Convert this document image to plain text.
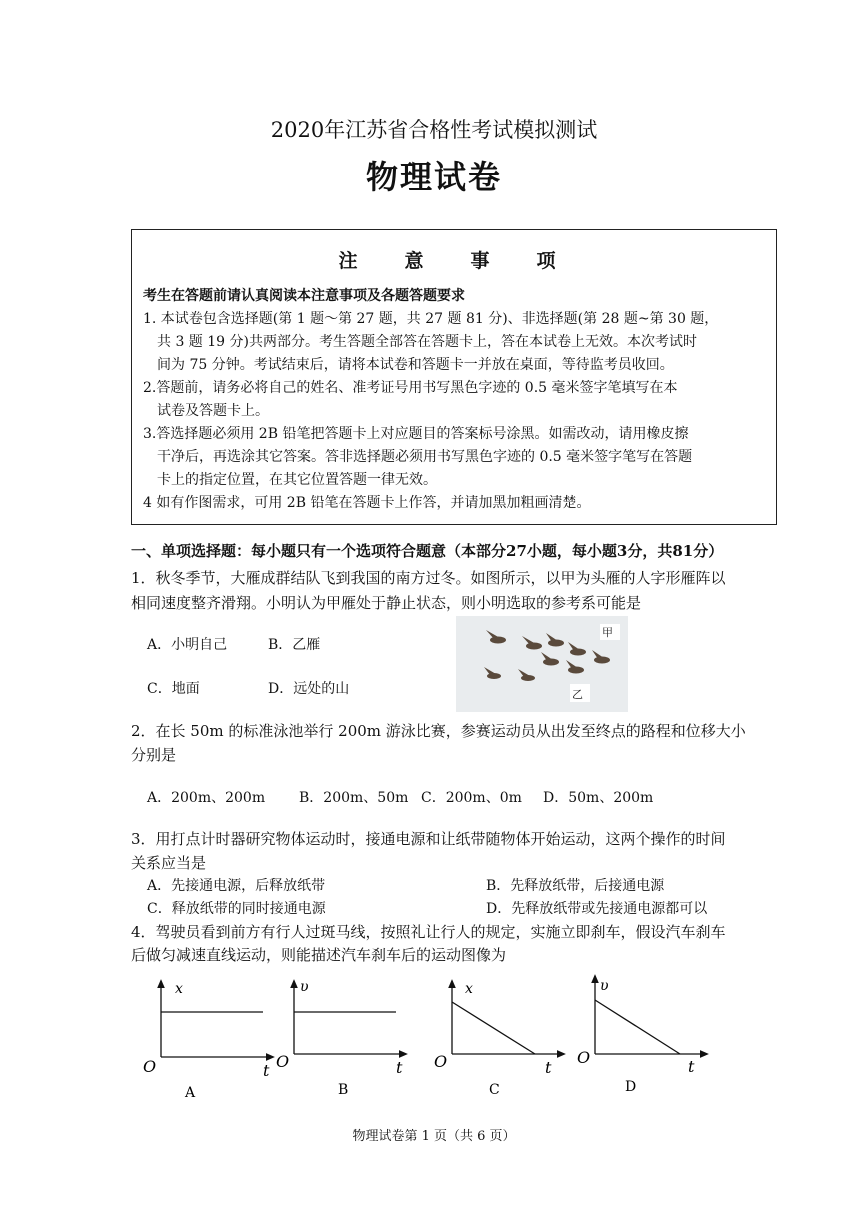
2020年江苏省合格性考试模拟测试
物理试卷
注　意　事　项
考生在答题前请认真阅读本注意事项及各题答题要求
1. 本试卷包含选择题(第 1 题～第 27 题，共 27 题 81 分)、非选择题(第 28 题~第 30 题，
共 3 题 19 分)共两部分。考生答题全部答在答题卡上，答在本试卷上无效。本次考试时
间为 75 分钟。考试结束后，请将本试卷和答题卡一并放在桌面，等待监考员收回。
2.答题前，请务必将自己的姓名、准考证号用书写黑色字迹的 0.5 毫米签字笔填写在本
试卷及答题卡上。
3.答选择题必须用 2B 铅笔把答题卡上对应题目的答案标号涂黑。如需改动，请用橡皮擦
干净后，再选涂其它答案。答非选择题必须用书写黑色字迹的 0.5 毫米签字笔写在答题
卡上的指定位置，在其它位置答题一律无效。
4 如有作图需求，可用 2B 铅笔在答题卡上作答，并请加黑加粗画清楚。
一、单项选择题：每小题只有一个选项符合题意（本部分27小题，每小题3分，共81分）
1．秋冬季节，大雁成群结队飞到我国的南方过冬。如图所示，以甲为头雁的人字形雁阵以
相同速度整齐滑翔。小明认为甲雁处于静止状态，则小明选取的参考系可能是
A．小明自己	B．乙雁
C．地面	D．远处的山
甲
乙
2．在长 50m 的标准泳池举行 200m 游泳比赛，参赛运动员从出发至终点的路程和位移大小
分别是
A．200m、200m B．200m、50m C．200m、0m D．50m、200m
3．用打点计时器研究物体运动时，接通电源和让纸带随物体开始运动，这两个操作的时间
关系应当是
A．先接通电源，后释放纸带	B．先释放纸带，后接通电源
C．释放纸带的同时接通电源	D．先释放纸带或先接通电源都可以
4．驾驶员看到前方有行人过斑马线，按照礼让行人的规定，实施立即刹车，假设汽车刹车
后做匀减速直线运动，则能描述汽车刹车后的运动图像为
x
O	t
A
υ
O	t
B
x
O	t
C
υ
O	t
D
物理试卷第 1 页（共 6 页）
